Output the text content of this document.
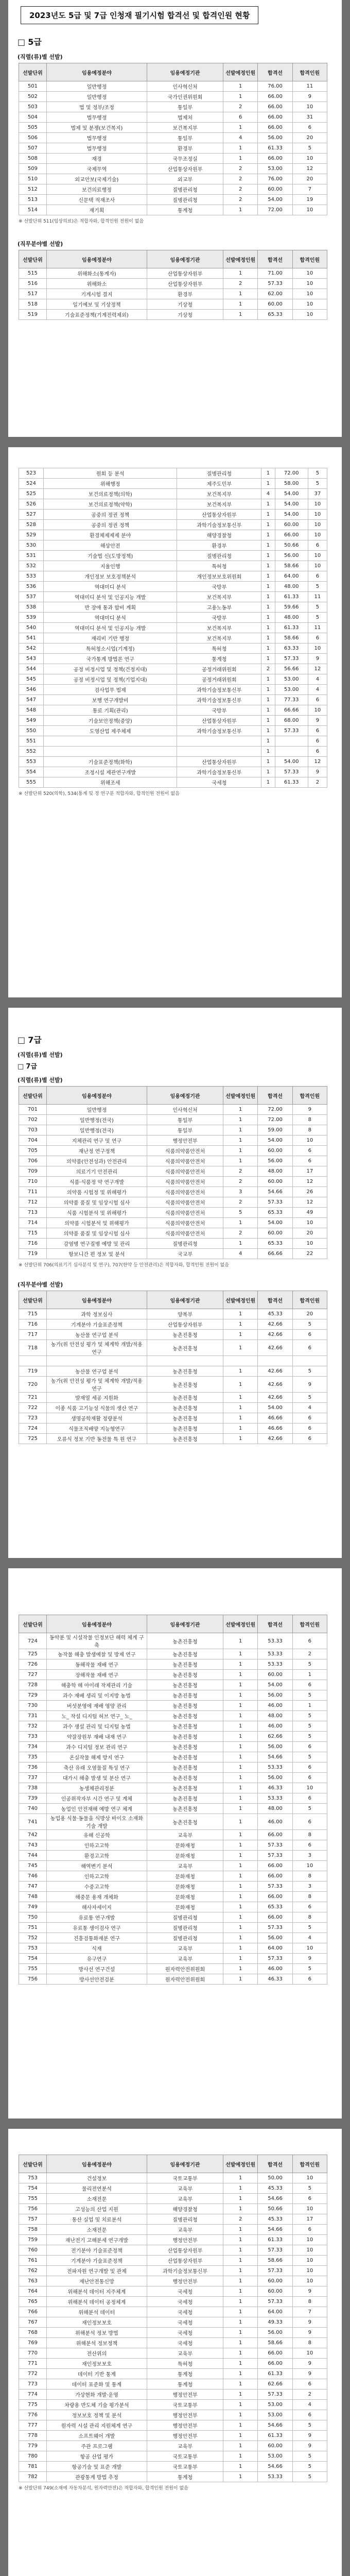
2023년도 5급 및 7급 인청재 필기시험 합격선 및 합격인원 현황
□ 5급
(직렬(류)별 선발)
선발단위	임용예정분야	임용예정기관	선발예정인원	합격선	합격인원
501	일반행정	인사혁신처	1	76.00	11
502	일반행정	국가인권위원회	1	66.00	9
503	법 및 정부/조정	통일부	2	66.00	10
504	법무행정	법제처	6	66.00	31
505	법제 및 분쟁(보건복지)	보건복지부	1	66.00	6
506	법무행정	통일부	4	56.00	20
507	법무행정	환경부	1	61.33	5
508	재경	국무조정실	1	66.00	10
509	국제무역	산업통상자원부	2	53.00	12
510	외교안보(국제기술)	외교부	2	76.00	20
512	보건의료행정	질병관리청	2	60.00	7
513	신문택 적재조사	질병관리청	2	54.00	19
514	재기획	통계청	1	72.00	10
※ 선발단위 511(임상의료)은 적합자와, 합격인원 전원이 없음
(직무분야별 선발)
선발단위	임용예정분야	임용예정기관	선발예정인원	합격선	합격인원
515	위해화소(통계자)	산업통상자원부	1	71.00	10
516	위해화소	산업통상자원부	2	57.33	10
517	기계시험 결지	환경부	1	62.00	10
518	일기예보 및 기상정책	기상청	1	60.00	10
519	기술표준정책(기계전력제외)	기상청	1	65.33	10
523	원회 등 분석	질병관리청	1	72.00	5
524	위해행정	제주도민부	1	58.00	5
525	보건의료정책(의학)	보건복지부	4	54.00	37
526	보건의료정책(약학)	보건복지부	1	54.00	10
527	공중의 정권 정책	산업통상자원부	1	54.00	10
528	공중의 정권 정책	과학기술정보통신부	1	60.00	10
529	환경체제제제 분야	해양경찰청	1	66.00	10
530	해상안전	환경부	1	50.66	6
531	기술법 신(도방정책)	질병관리청	1	56.00	10
532	지율인행	특허청	1	58.66	10
533	개인정보 보호정책분석	개인정보보호위원회	1	64.00	6
536	역대미디 분석	국방부	1	48.00	5
537	역대미디 분석 및 인공지능 개발	보건복지부	1	61.33	11
538	반 장애 통과 합비 계획	고용노동부	1	59.66	5
539	역대미디 분석	국방부	1	48.00	5
540	역대미디 분석 및 인공지능 개발	보건복지부	1	61.33	11
541	재리비 기반 행정	보건복지부	1	58.66	6
542	특허청소시업(기계정)	특허청	1	63.33	10
543	국가통계 방법론 연구	통계청	1	57.33	9
544	공정 비정시업 및 정책(건정지대)	공정거래위원회	2	56.66	12
545	공정 비정시업 및 정책(기업지대)	공정거래위원회	1	53.00	4
546	검사업무 법제	과학기술정보통신부	1	53.00	4
547	보행 연구개발비	과학기술정보통신부	1	77.33	6
548	통료 기획(관리)	국방부	1	66.66	10
549	기술보안정책(중앙)	산업통상자원부	1	68.00	9
550	도영산업 제주체제	과학기술정보통신부	1	57.33	6
551			1		6
552			1		6
553	기술표준정책(화학)	산업통상자원부	1	54.00	12
554	조정시설 제관연구개발	과학기술정보통신부	1	57.33	9
555	위해조세	국세청	1	61.33	2
※ 선발단위 520(의학), 534(통계 및 정 연구분 적합자와, 합격인원 전원이 없음
□ 7급
(직렬(류)별 선발)
□ 7급
(직렬(류)별 선발)
선발단위	임용예정분야	임용예정기관	선발예정인원	합격선	합격인원
701	일반행정	인사혁신처	1	72.00	9
702	일반행정(전국)	통일부	1	72.00	8
703	일반행정(전국)	통일부	1	59.00	8
704	지체관리 연구 및 연구	행정안전부	1	54.00	10
705	재난정 연구정책	식품의약품안전처	1	60.00	6
706	의약품(안전성과) 안전관리	식품의약품안전처	1	56.00	6
709	의료기기 안전관리	식품의약품안전처	2	48.00	17
710	식품·식품정 약 연구개발	식품의약품안전처	2	60.00	12
711	의약품 시험정 및 위해평가	식품의약품안전처	3	54.66	26
712	의약품 품질 및 임상시험 심사	식품의약품안전처	2	57.33	12
713	식품 시험분석 및 위해평가	식품의약품안전처	5	65.33	49
714	의약품 시험분석 및 위해평가	식품의약품안전처	1	54.00	10
715	의약품 품질 및 임상시험 심사	식품의약품안전처	2	60.00	20
716	감염병 연구질병 예방 및 관리	질병관리청	1	65.33	10
719	항보니간 편 정보 및 분석	국교부	4	66.66	22
※ 선발단위 706(의료기기 심사분석 및 연구), 707(한약 등 안전관리)은 적합자와, 합격인원 전원이 없음
(직무분야별 선발)
선발단위	임용예정분야	임용예정기관	선발예정인원	합격선	합격인원
715	과학 정보심사	양복부	1	45.33	20
716	기계분야 기술표준정책	산업통상자원부	1	42.66	5
717	농산물 연구업 분석	농촌진흥청	1	42.66	6
718	농가(위 안전성 평가 및 체계학 개발/적용 연구	농촌진흥청	1	42.66	6

719	농산물 연구업 분석	농촌진흥청	1	42.66	5
720	농가(위 안전성 평가 및 체계학 개발/적용 연구	농촌진흥청	1	42.66	9
721	발재열 세공 지원화	농촌진흥청	1	42.66	5
722	이종 식품 고기능성 식물의 생산 연구	농촌진흥청	1	54.00	4
723	생명공학재활 정량분석	농촌진흥청	1	46.66	6
724	식물조직배양 지능형연구	농촌진흥청	1	46.66	6
725	오류식 정보 기반 동전물 특 원 연구	농촌진흥청	1	42.66	6
선발단위	임용예정분야	임용예정기관	선발예정인원	합격선	합격인원
724	동약분 및 시설작물 인정보단 해력 체계 구축	농촌진흥청	1	53.33	6
725	농작물 해충 발생예찰 및 방제 연구	농촌진흥청	1	53.33	2
726	동해작물 재배 연구	농촌진흥청	1	53.33	5
727	장해작물 재배 연구	농촌진흥청	1	60.00	1
728	해충학 해 아이래 작제관리 기술	농촌진흥청	1	54.00	6
729	과수 재배 생리 및 이지방 농법	농촌진흥청	1	56.00	5
730	버섯분영에 재배 영양 관리	농촌진흥청	1	46.00	1
731	노_ 작설 디지털 허브 연구_ 노_	농촌진흥청	1	48.00	5
732	과수 생설 관리 및 디지털 농법	농촌진흥청	1	46.00	5
733	약잘장원부 재배 내재 연구	농촌진흥청	1	62.66	5
734	과수 디지털 정보 관리 연구	농촌진흥청	1	56.00	6
735	온실작물 해제 방지 연구	농촌진흥청	1	54.66	5
736	축산 유래 오염물질 특성 연구	농촌진흥청	1	53.33	6
737	대가시 해충 발생 및 분산 연구	농촌진흥청	1	56.00	6
738	농생체관리정분	농촌진흥청	1	46.33	10
739	인공위작자부 시간 연구 및 계체	농촌진흥청	1	53.33	6
740	농업인 안전재해 예방 연구 체계	농촌진흥청	1	48.00	5
741	농업용 식물·동물을 식방상 바이오 소재화 기술 개발	농촌진흥청	1	46.00	6
742	유해 신공학	교육부	1	66.00	8
743	인하고고학	문화재청	1	57.33	6
744	환경고고학	문화재청	1	57.33	3
745	해역변기 분석	교육부	1	66.00	10
746	인하고고학	문화재청	1	66.00	8
747	수중고고학	문화재청	1	57.33	3
748	해중문 용재 개체화	문화재청	1	66.00	8
749	해사자세이지	문화재청	1	65.33	6
750	유료통 연구개발	질병관리청	1	66.00	8
751	유료통 생이검사 연구	질병관리청	1	57.33	5
752	진흥검통화재분 연구	질병관리청	1	56.00	4
753	식재	교육부	1	64.00	10
754	유구연구	교육부	1	57.33	9
755	방사선 연구건설	원자력안전위원회	1	46.00	5
756	방사선안전검분	원자력안전위원회	1	46.33	6
선발단위	임용예정분야	임용예정기관	선발예정인원	합격선	합격인원
753	건설정보	국토교통부	1	50.00	10
754	물리전연분석	교육부	1	45.33	5
755	소재전문	교육부	1	54.66	6
756	고성능의 산업 지원	해양경찰청	1	50.66	10
757	통산 실업 및 치료분석	질병관리청	2	45.33	17
758	소재전문	교육부	1	54.66	6
759	재난전기 고해분세 연구개발	행정안전부	1	61.33	10
760	전기분야 기술표준정책	산업통상자원부	1	57.33	10
761	기계분야 기술표준정책	산업통상자원부	1	58.66	10
762	전파자원 연구개발 및 관제	과학기술정보통신부	1	57.33	10
763	재난안전통신망	행정안전부	1	60.00	10
764	위해분석 데이터 지주체계	국세청	1	60.00	9
765	위해분석 데이터 공정체계	국세청	1	57.33	8
766	위해분석 데이터	국세청	1	64.00	7
767	재인정보보호	국세청	1	49.33	9
768	위해분석 정보 방법	국세청	1	56.00	9
769	위해분석 정보정책	국세청	1	58.66	8
770	전산위의	교육부	1	66.00	10
771	재인정보보호	특허청	1	66.00	9
772	데이터 기반 통계	통계청	1	61.33	9
773	데이터 표준화 및 통계	통계청	1	62.66	6
774	가상현화 개발·운영	행정안전부	1	57.33	2
775	차량용 반도체 기술 평가분석	국토교통부	1	53.00	4
776	정보보호 정책 및 분석	행정안전부	1	53.00	6
777	원자력 시설 관리 지원체계 연구	행정안전부	1	54.66	5
778	소프트웨어 개발	행정안전부	1	61.33	9
779	주관 프로그램	교육부	1	60.00	9
780	항공 산업 평가	국토교통부	1	53.00	5
781	항공기술 및 표준 개발	국토교통부	1	54.66	5
782	관광통계 방법 추정	통계청	1	53.33	5
※ 선발단위 749(소재에 자동차분석, 원자력안전)은 적합자와, 합격인원 전원이 없음
